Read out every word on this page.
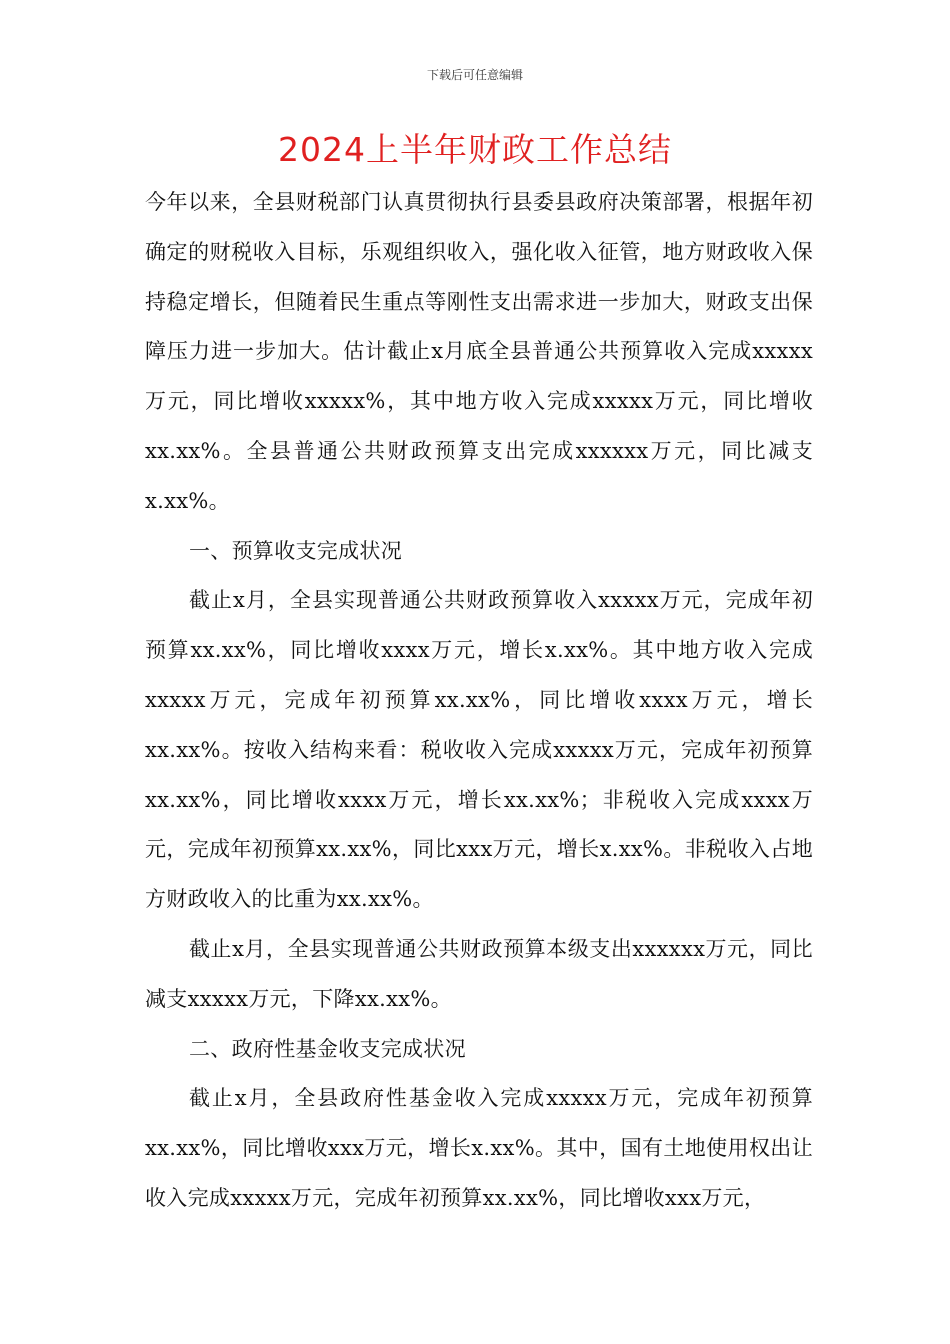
下载后可任意编辑
2024上半年财政工作总结

今年以来，全县财税部门认真贯彻执行县委县政府决策部署，根据年初确定的财税收入目标，乐观组织收入，强化收入征管，地方财政收入保持稳定增长，但随着民生重点等刚性支出需求进一步加大，财政支出保障压力进一步加大。估计截止x月底全县普通公共预算收入完成xxxxx万元，同比增收xxxxx%，其中地方收入完成xxxxx万元，同比增收xx.xx%。全县普通公共财政预算支出完成xxxxxx万元，同比减支x.xx%。

一、预算收支完成状况

截止x月，全县实现普通公共财政预算收入xxxxx万元，完成年初预算xx.xx%，同比增收xxxx万元，增长x.xx%。其中地方收入完成xxxxx万元，完成年初预算xx.xx%，同比增收xxxx万元，增长xx.xx%。按收入结构来看：税收收入完成xxxxx万元，完成年初预算xx.xx%，同比增收xxxx万元，增长xx.xx%；非税收入完成xxxx万元，完成年初预算xx.xx%，同比xxx万元，增长x.xx%。非税收入占地方财政收入的比重为xx.xx%。

截止x月，全县实现普通公共财政预算本级支出xxxxxx万元，同比减支xxxxx万元，下降xx.xx%。

二、政府性基金收支完成状况

截止x月，全县政府性基金收入完成xxxxx万元，完成年初预算xx.xx%，同比增收xxx万元，增长x.xx%。其中，国有土地使用权出让收入完成xxxxx万元，完成年初预算xx.xx%，同比增收xxx万元，
